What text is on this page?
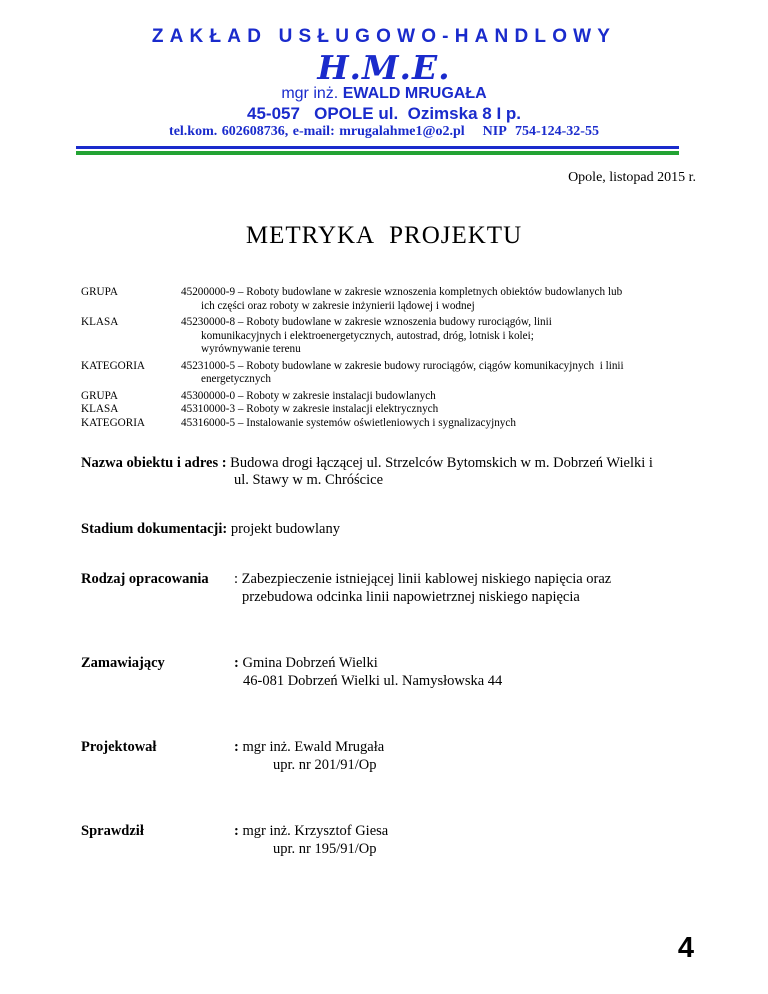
ZAKŁAD USŁUGOWO-HANDLOWY
H.M.E.
mgr inż. EWALD MRUGAŁA
45-057   OPOLE ul.  Ozimska 8 I p.
tel.kom. 602608736, e-mail: mrugalahme1@o2.pl NIP  754-124-32-55
Opole, listopad 2015 r.
METRYKA PROJEKTU
GRUPA	45200000-9 – Roboty budowlane w zakresie wznoszenia kompletnych obiektów budowlanych lub
ich części oraz roboty w zakresie inżynierii lądowej i wodnej
KLASA	45230000-8 – Roboty budowlane w zakresie wznoszenia budowy rurociągów, linii
komunikacyjnych i elektroenergetycznych, autostrad, dróg, lotnisk i kolei;
wyrównywanie terenu
KATEGORIA	45231000-5 – Roboty budowlane w zakresie budowy rurociągów, ciągów komunikacyjnych  i linii
energetycznych
GRUPA	45300000-0 – Roboty w zakresie instalacji budowlanych
KLASA	45310000-3 – Roboty w zakresie instalacji elektrycznych
KATEGORIA	45316000-5 – Instalowanie systemów oświetleniowych i sygnalizacyjnych
Nazwa obiektu i adres : Budowa drogi łączącej ul. Strzelców Bytomskich w m. Dobrzeń Wielki i
ul. Stawy w m. Chróścice
Stadium dokumentacji: projekt budowlany
Rodzaj opracowania : Zabezpieczenie istniejącej linii kablowej niskiego napięcia oraz
przebudowa odcinka linii napowietrznej niskiego napięcia
Zamawiający	: Gmina Dobrzeń Wielki
46-081 Dobrzeń Wielki ul. Namysłowska 44
Projektował	: mgr inż. Ewald Mrugała
upr. nr 201/91/Op
Sprawdził	: mgr inż. Krzysztof Giesa
upr. nr 195/91/Op
4
